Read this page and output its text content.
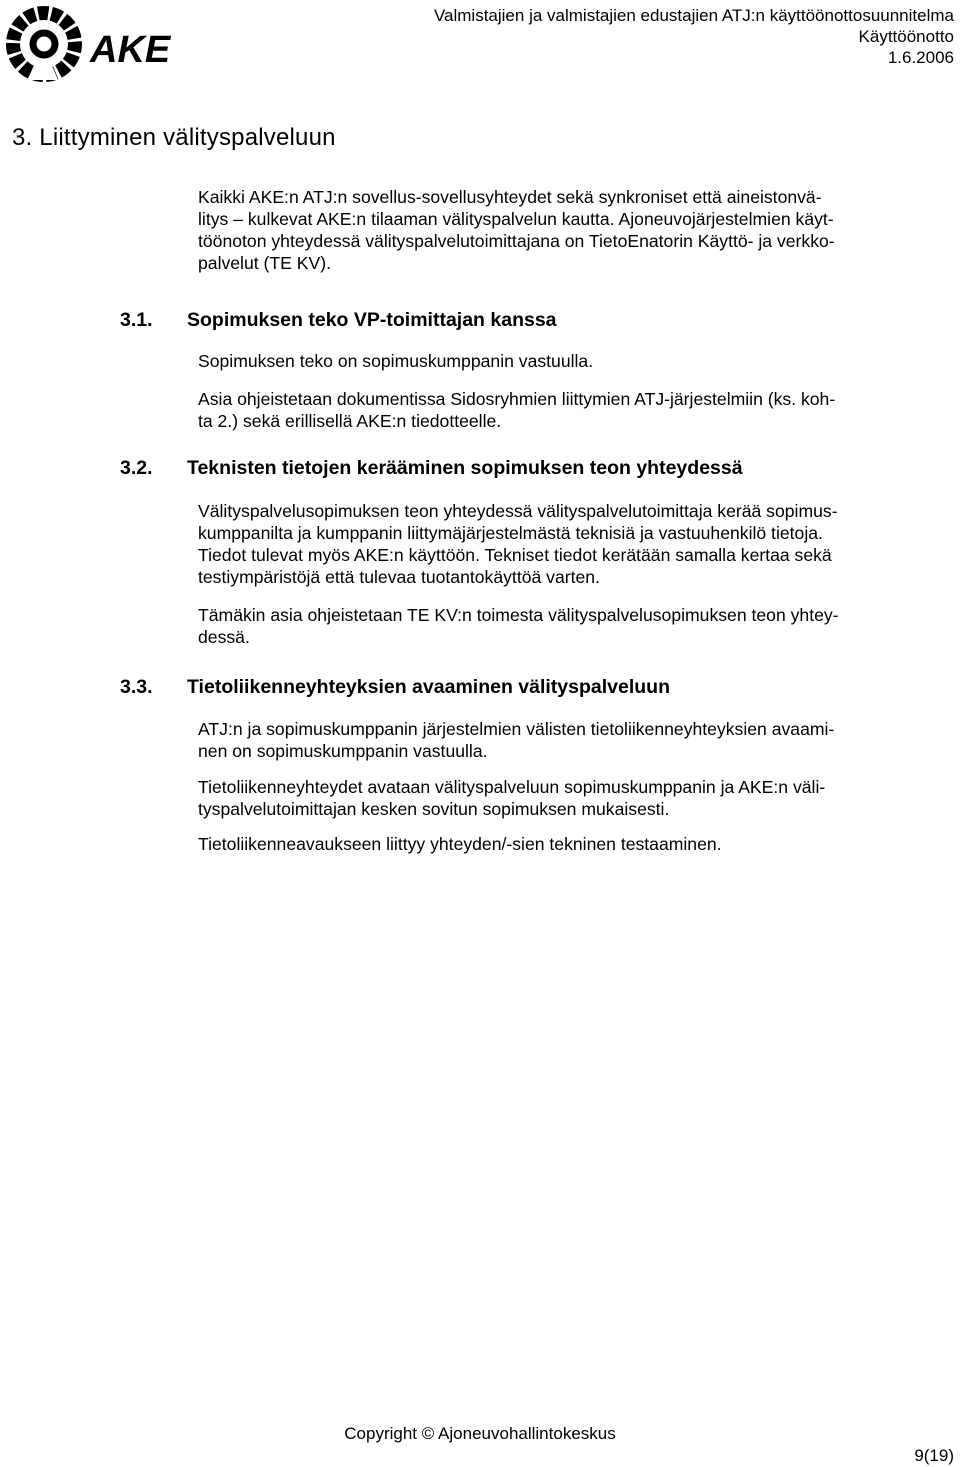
AKE
Valmistajien ja valmistajien edustajien ATJ:n käyttöönottosuunnitelma
Käyttöönotto
1.6.2006
3. Liittyminen välityspalveluun
Kaikki AKE:n ATJ:n sovellus-sovellusyhteydet sekä synkroniset että aineistonvä-
litys – kulkevat AKE:n tilaaman välityspalvelun kautta. Ajoneuvojärjestelmien käyt-
töönoton yhteydessä välityspalvelutoimittajana on TietoEnatorin Käyttö- ja verkko-
palvelut (TE KV).
3.1. Sopimuksen teko VP-toimittajan kanssa
Sopimuksen teko on sopimuskumppanin vastuulla.
Asia ohjeistetaan dokumentissa Sidosryhmien liittymien ATJ-järjestelmiin (ks. koh-
ta 2.) sekä erillisellä AKE:n tiedotteelle.
3.2. Teknisten tietojen kerääminen sopimuksen teon yhteydessä
Välityspalvelusopimuksen teon yhteydessä välityspalvelutoimittaja kerää sopimus-
kumppanilta ja kumppanin liittymäjärjestelmästä teknisiä ja vastuuhenkilö tietoja.
Tiedot tulevat myös AKE:n käyttöön. Tekniset tiedot kerätään samalla kertaa sekä
testiympäristöjä että tulevaa tuotantokäyttöä varten.
Tämäkin asia ohjeistetaan TE KV:n toimesta välityspalvelusopimuksen teon yhtey-
dessä.
3.3. Tietoliikenneyhteyksien avaaminen välityspalveluun
ATJ:n ja sopimuskumppanin järjestelmien välisten tietoliikenneyhteyksien avaami-
nen on sopimuskumppanin vastuulla.
Tietoliikenneyhteydet avataan välityspalveluun sopimuskumppanin ja AKE:n väli-
tyspalvelutoimittajan kesken sovitun sopimuksen mukaisesti.
Tietoliikenneavaukseen liittyy yhteyden/-sien tekninen testaaminen.
Copyright © Ajoneuvohallintokeskus
9(19)
